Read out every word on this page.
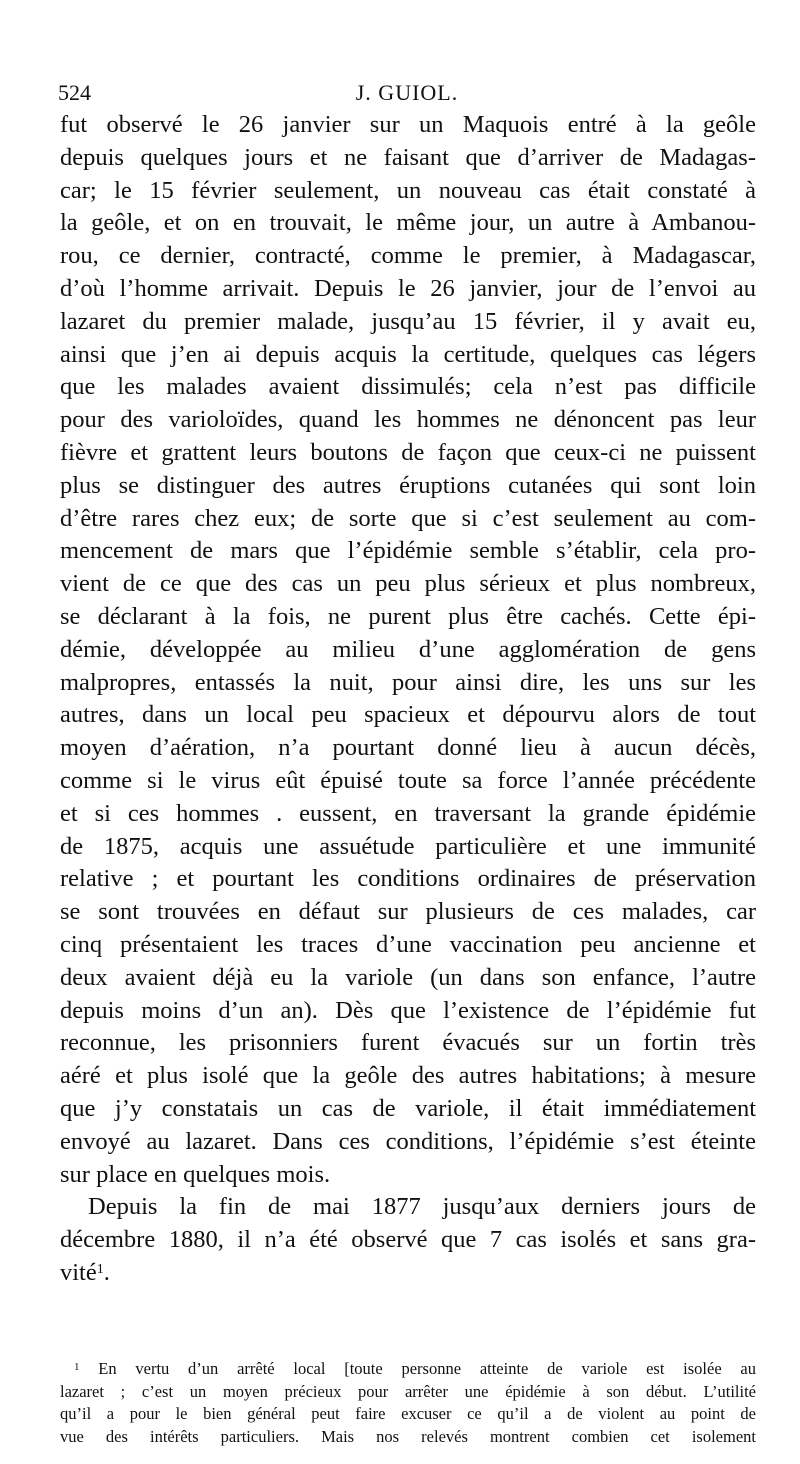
524	J. GUIOL.
fut observé le 26 janvier sur un Maquois entré à la geôle
depuis quelques jours et ne faisant que d’arriver de Madagas-
car; le 15 février seulement, un nouveau cas était constaté à
la geôle, et on en trouvait, le même jour, un autre à Ambanou-
rou, ce dernier, contracté, comme le premier, à Madagascar,
d’où l’homme arrivait. Depuis le 26 janvier, jour de l’envoi au
lazaret du premier malade, jusqu’au 15 février, il y avait eu,
ainsi que j’en ai depuis acquis la certitude, quelques cas légers
que les malades avaient dissimulés; cela n’est pas difficile
pour des varioloïdes, quand les hommes ne dénoncent pas leur
fièvre et grattent leurs boutons de façon que ceux-ci ne puissent
plus se distinguer des autres éruptions cutanées qui sont loin
d’être rares chez eux; de sorte que si c’est seulement au com-
mencement de mars que l’épidémie semble s’établir, cela pro-
vient de ce que des cas un peu plus sérieux et plus nombreux,
se déclarant à la fois, ne purent plus être cachés. Cette épi-
démie, développée au milieu d’une agglomération de gens
malpropres, entassés la nuit, pour ainsi dire, les uns sur les
autres, dans un local peu spacieux et dépourvu alors de tout
moyen d’aération, n’a pourtant donné lieu à aucun décès,
comme si le virus eût épuisé toute sa force l’année précédente
et si ces hommes . eussent, en traversant la grande épidémie
de 1875, acquis une assuétude particulière et une immunité
relative ; et pourtant les conditions ordinaires de préservation
se sont trouvées en défaut sur plusieurs de ces malades, car
cinq présentaient les traces d’une vaccination peu ancienne et
deux avaient déjà eu la variole (un dans son enfance, l’autre
depuis moins d’un an). Dès que l’existence de l’épidémie fut
reconnue, les prisonniers furent évacués sur un fortin très
aéré et plus isolé que la geôle des autres habitations; à mesure
que j’y constatais un cas de variole, il était immédiatement
envoyé au lazaret. Dans ces conditions, l’épidémie s’est éteinte
sur place en quelques mois.
Depuis la fin de mai 1877 jusqu’aux derniers jours de
décembre 1880, il n’a été observé que 7 cas isolés et sans gra-
vité$^1$.
$^1$ En vertu d’un arrêté local [toute personne atteinte de variole est isolée au
lazaret ; c’est un moyen précieux pour arrêter une épidémie à son début. L’utilité
qu’il a pour le bien général peut faire excuser ce qu’il a de violent au point de
vue des intérêts particuliers. Mais nos relevés montrent combien cet isolement
